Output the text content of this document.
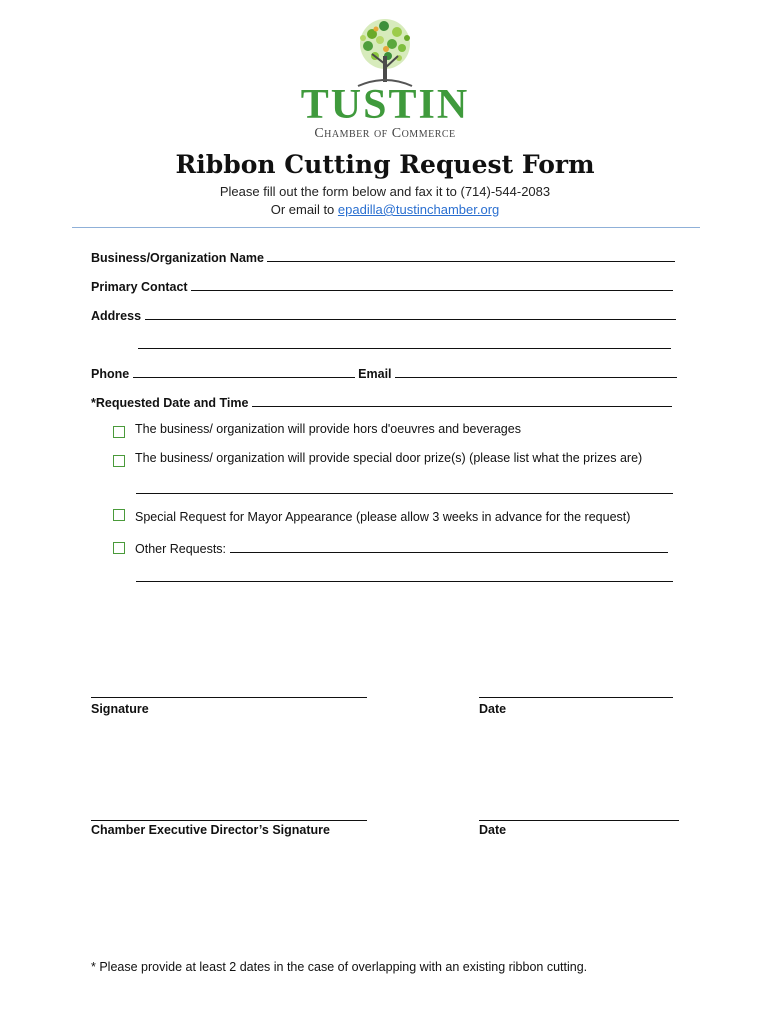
TUSTIN
Chamber of Commerce
Ribbon Cutting Request Form
Please fill out the form below and fax it to (714)-544-2083
Or email to epadilla@tustinchamber.org
Business/Organization Name
Primary Contact
Address
Phone	Email
*Requested Date and Time
The business/ organization will provide hors d'oeuvres and beverages
The business/ organization will provide special door prize(s) (please list what the prizes are)
Special Request for Mayor Appearance (please allow 3 weeks in advance for the request)
Other Requests:
Signature	Date
Chamber Executive Director’s Signature	Date
* Please provide at least 2 dates in the case of overlapping with an existing ribbon cutting.
